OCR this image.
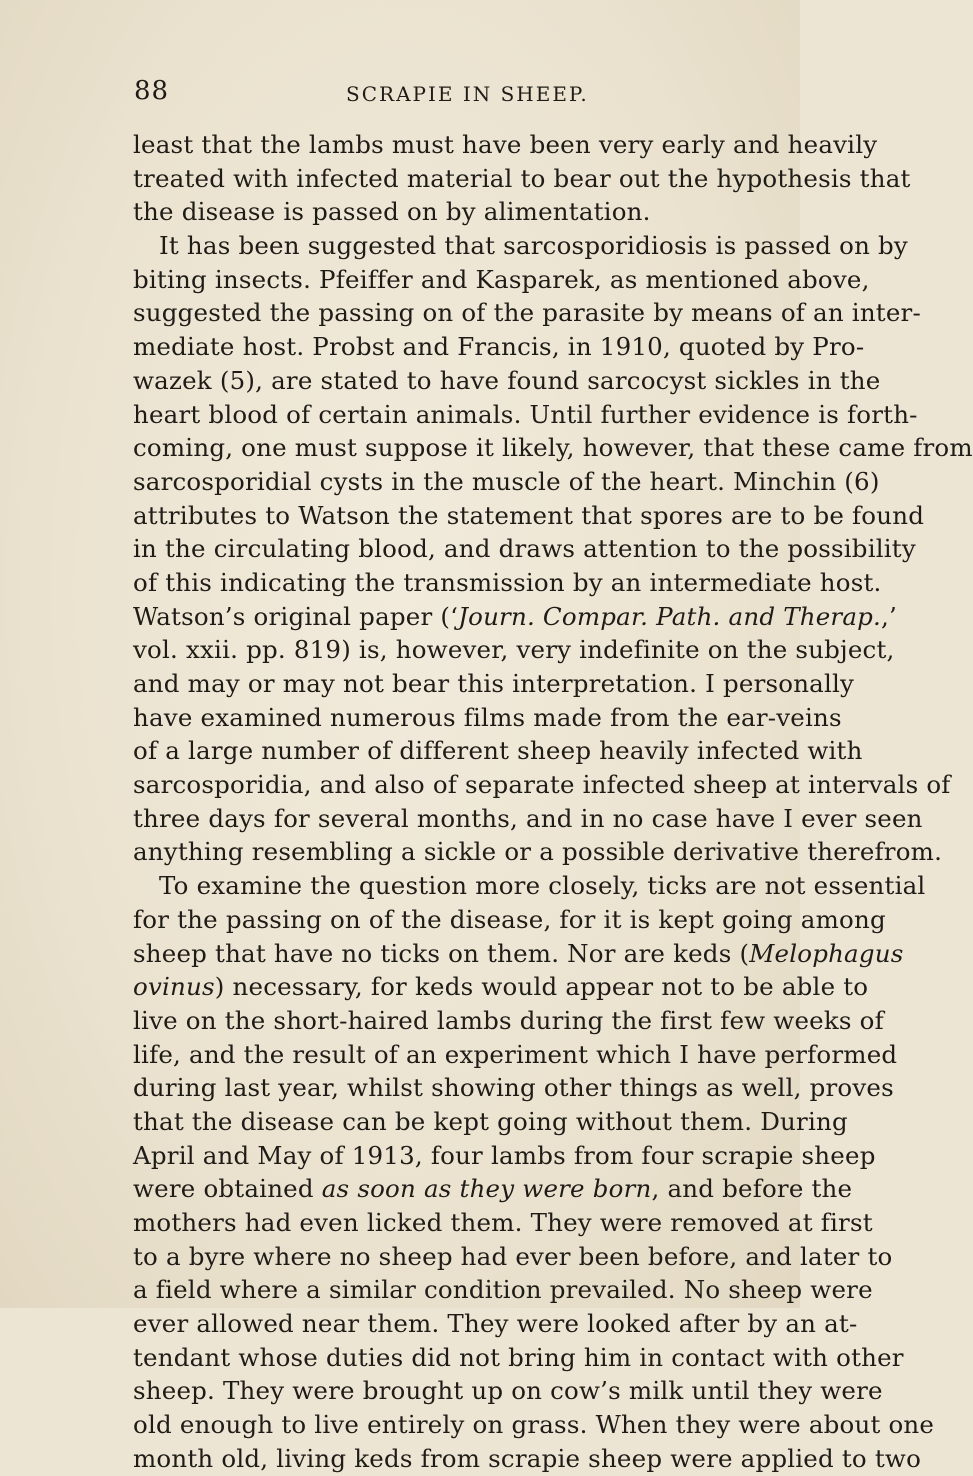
88	SCRAPIE IN SHEEP.
least that the lambs must have been very early and heavily
treated with infected material to bear out the hypothesis that
the disease is passed on by alimentation.
It has been suggested that sarcosporidiosis is passed on by
biting insects. Pfeiffer and Kasparek, as mentioned above,
suggested the passing on of the parasite by means of an inter-
mediate host. Probst and Francis, in 1910, quoted by Pro-
wazek (5), are stated to have found sarcocyst sickles in the
heart blood of certain animals. Until further evidence is forth-
coming, one must suppose it likely, however, that these came from
sarcosporidial cysts in the muscle of the heart. Minchin (6)
attributes to Watson the statement that spores are to be found
in the circulating blood, and draws attention to the possibility
of this indicating the transmission by an intermediate host.
Watson’s original paper (‘Journ. Compar. Path. and Therap.,’
vol. xxii. pp. 819) is, however, very indefinite on the subject,
and may or may not bear this interpretation. I personally
have examined numerous films made from the ear-veins
of a large number of different sheep heavily infected with
sarcosporidia, and also of separate infected sheep at intervals of
three days for several months, and in no case have I ever seen
anything resembling a sickle or a possible derivative therefrom.
To examine the question more closely, ticks are not essential
for the passing on of the disease, for it is kept going among
sheep that have no ticks on them. Nor are keds (Melophagus
ovinus) necessary, for keds would appear not to be able to
live on the short-haired lambs during the first few weeks of
life, and the result of an experiment which I have performed
during last year, whilst showing other things as well, proves
that the disease can be kept going without them. During
April and May of 1913, four lambs from four scrapie sheep
were obtained as soon as they were born, and before the
mothers had even licked them. They were removed at first
to a byre where no sheep had ever been before, and later to
a field where a similar condition prevailed. No sheep were
ever allowed near them. They were looked after by an at-
tendant whose duties did not bring him in contact with other
sheep. They were brought up on cow’s milk until they were
old enough to live entirely on grass. When they were about one
month old, living keds from scrapie sheep were applied to two
